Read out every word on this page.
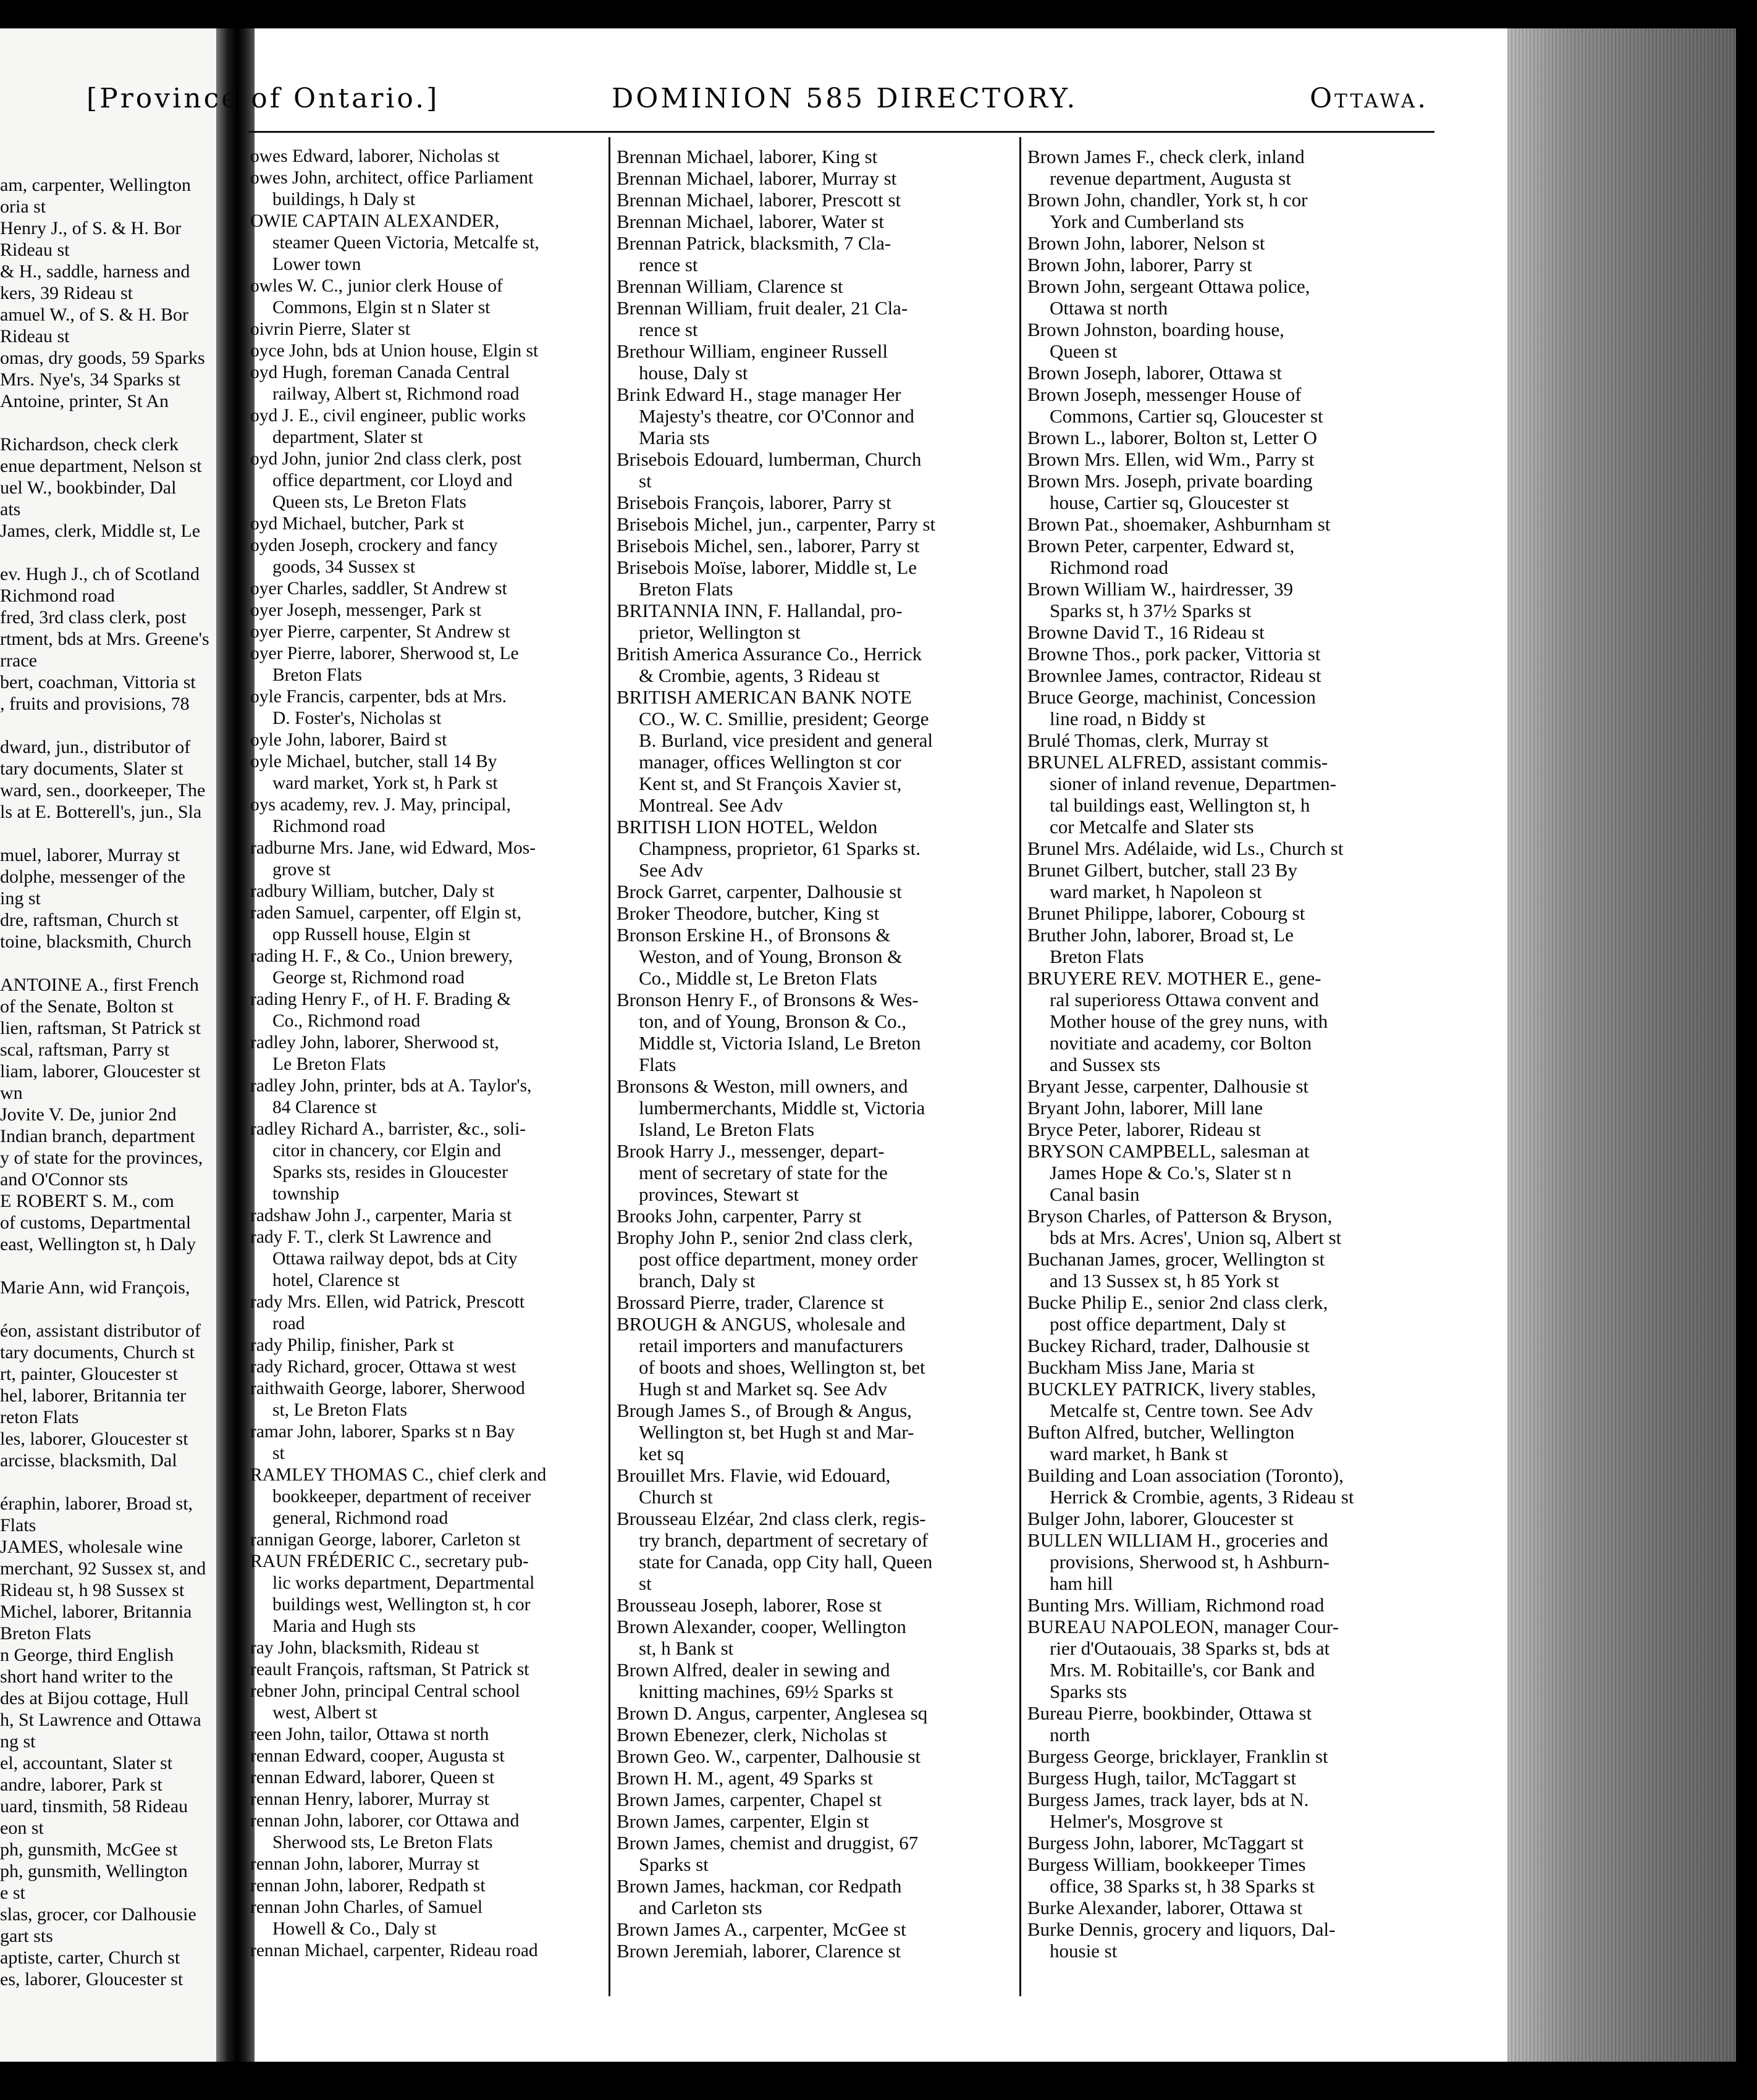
am, carpenter, Wellington
oria st
Henry J., of S. & H. Bor
Rideau st
& H., saddle, harness and
kers, 39 Rideau st
amuel W., of S. & H. Bor
Rideau st
omas, dry goods, 59 Sparks
Mrs. Nye's, 34 Sparks st
Antoine, printer, St An

Richardson, check clerk
enue department, Nelson st
uel W., bookbinder, Dal
ats
James, clerk, Middle st, Le

ev. Hugh J., ch of Scotland
Richmond road
fred, 3rd class clerk, post
rtment, bds at Mrs. Greene's
rrace
bert, coachman, Vittoria st
, fruits and provisions, 78

dward, jun., distributor of
tary documents, Slater st
ward, sen., doorkeeper, The
ls at E. Botterell's, jun., Sla

muel, laborer, Murray st
dolphe, messenger of the
ing st
dre, raftsman, Church st
toine, blacksmith, Church

ANTOINE A., first French
of the Senate, Bolton st
lien, raftsman, St Patrick st
scal, raftsman, Parry st
liam, laborer, Gloucester st
wn
Jovite V. De, junior 2nd
Indian branch, department
y of state for the provinces,
and O'Connor sts
E ROBERT S. M., com
of customs, Departmental
east, Wellington st, h Daly

Marie Ann, wid François,

éon, assistant distributor of
tary documents, Church st
rt, painter, Gloucester st
hel, laborer, Britannia ter
reton Flats
les, laborer, Gloucester st
arcisse, blacksmith, Dal

éraphin, laborer, Broad st,
Flats
JAMES, wholesale wine
merchant, 92 Sussex st, and
Rideau st, h 98 Sussex st
Michel, laborer, Britannia
Breton Flats
n George, third English
short hand writer to the
des at Bijou cottage, Hull
h, St Lawrence and Ottawa
ng st
el, accountant, Slater st
andre, laborer, Park st
uard, tinsmith, 58 Rideau
eon st
ph, gunsmith, McGee st
ph, gunsmith, Wellington
e st
slas, grocer, cor Dalhousie
gart sts
aptiste, carter, Church st
es, laborer, Gloucester st
[Province of Ontario.]	DOMINION 585 DIRECTORY.	Ottawa.
owes Edward, laborer, Nicholas st
owes John, architect, office Parliament
buildings, h Daly st
OWIE CAPTAIN ALEXANDER,
steamer Queen Victoria, Metcalfe st,
Lower town
owles W. C., junior clerk House of
Commons, Elgin st n Slater st
oivrin Pierre, Slater st
oyce John, bds at Union house, Elgin st
oyd Hugh, foreman Canada Central
railway, Albert st, Richmond road
oyd J. E., civil engineer, public works
department, Slater st
oyd John, junior 2nd class clerk, post
office department, cor Lloyd and
Queen sts, Le Breton Flats
oyd Michael, butcher, Park st
oyden Joseph, crockery and fancy
goods, 34 Sussex st
oyer Charles, saddler, St Andrew st
oyer Joseph, messenger, Park st
oyer Pierre, carpenter, St Andrew st
oyer Pierre, laborer, Sherwood st, Le
Breton Flats
oyle Francis, carpenter, bds at Mrs.
D. Foster's, Nicholas st
oyle John, laborer, Baird st
oyle Michael, butcher, stall 14 By
ward market, York st, h Park st
oys academy, rev. J. May, principal,
Richmond road
radburne Mrs. Jane, wid Edward, Mos-
grove st
radbury William, butcher, Daly st
raden Samuel, carpenter, off Elgin st,
opp Russell house, Elgin st
rading H. F., & Co., Union brewery,
George st, Richmond road
rading Henry F., of H. F. Brading &
Co., Richmond road
radley John, laborer, Sherwood st,
Le Breton Flats
radley John, printer, bds at A. Taylor's,
84 Clarence st
radley Richard A., barrister, &c., soli-
citor in chancery, cor Elgin and
Sparks sts, resides in Gloucester
township
radshaw John J., carpenter, Maria st
rady F. T., clerk St Lawrence and
Ottawa railway depot, bds at City
hotel, Clarence st
rady Mrs. Ellen, wid Patrick, Prescott
road
rady Philip, finisher, Park st
rady Richard, grocer, Ottawa st west
raithwaith George, laborer, Sherwood
st, Le Breton Flats
ramar John, laborer, Sparks st n Bay
st
RAMLEY THOMAS C., chief clerk and
bookkeeper, department of receiver
general, Richmond road
rannigan George, laborer, Carleton st
RAUN FRÉDERIC C., secretary pub-
lic works department, Departmental
buildings west, Wellington st, h cor
Maria and Hugh sts
ray John, blacksmith, Rideau st
reault François, raftsman, St Patrick st
rebner John, principal Central school
west, Albert st
reen John, tailor, Ottawa st north
rennan Edward, cooper, Augusta st
rennan Edward, laborer, Queen st
rennan Henry, laborer, Murray st
rennan John, laborer, cor Ottawa and
Sherwood sts, Le Breton Flats
rennan John, laborer, Murray st
rennan John, laborer, Redpath st
rennan John Charles, of Samuel
Howell & Co., Daly st
rennan Michael, carpenter, Rideau road
Brennan Michael, laborer, King st
Brennan Michael, laborer, Murray st
Brennan Michael, laborer, Prescott st
Brennan Michael, laborer, Water st
Brennan Patrick, blacksmith, 7 Cla-
rence st
Brennan William, Clarence st
Brennan William, fruit dealer, 21 Cla-
rence st
Brethour William, engineer Russell
house, Daly st
Brink Edward H., stage manager Her
Majesty's theatre, cor O'Connor and
Maria sts
Brisebois Edouard, lumberman, Church
st
Brisebois François, laborer, Parry st
Brisebois Michel, jun., carpenter, Parry st
Brisebois Michel, sen., laborer, Parry st
Brisebois Moïse, laborer, Middle st, Le
Breton Flats
BRITANNIA INN, F. Hallandal, pro-
prietor, Wellington st
British America Assurance Co., Herrick
& Crombie, agents, 3 Rideau st
BRITISH AMERICAN BANK NOTE
CO., W. C. Smillie, president; George
B. Burland, vice president and general
manager, offices Wellington st cor
Kent st, and St François Xavier st,
Montreal. See Adv
BRITISH LION HOTEL, Weldon
Champness, proprietor, 61 Sparks st.
See Adv
Brock Garret, carpenter, Dalhousie st
Broker Theodore, butcher, King st
Bronson Erskine H., of Bronsons &
Weston, and of Young, Bronson &
Co., Middle st, Le Breton Flats
Bronson Henry F., of Bronsons & Wes-
ton, and of Young, Bronson & Co.,
Middle st, Victoria Island, Le Breton
Flats
Bronsons & Weston, mill owners, and
lumbermerchants, Middle st, Victoria
Island, Le Breton Flats
Brook Harry J., messenger, depart-
ment of secretary of state for the
provinces, Stewart st
Brooks John, carpenter, Parry st
Brophy John P., senior 2nd class clerk,
post office department, money order
branch, Daly st
Brossard Pierre, trader, Clarence st
BROUGH & ANGUS, wholesale and
retail importers and manufacturers
of boots and shoes, Wellington st, bet
Hugh st and Market sq. See Adv
Brough James S., of Brough & Angus,
Wellington st, bet Hugh st and Mar-
ket sq
Brouillet Mrs. Flavie, wid Edouard,
Church st
Brousseau Elzéar, 2nd class clerk, regis-
try branch, department of secretary of
state for Canada, opp City hall, Queen
st
Brousseau Joseph, laborer, Rose st
Brown Alexander, cooper, Wellington
st, h Bank st
Brown Alfred, dealer in sewing and
knitting machines, 69½ Sparks st
Brown D. Angus, carpenter, Anglesea sq
Brown Ebenezer, clerk, Nicholas st
Brown Geo. W., carpenter, Dalhousie st
Brown H. M., agent, 49 Sparks st
Brown James, carpenter, Chapel st
Brown James, carpenter, Elgin st
Brown James, chemist and druggist, 67
Sparks st
Brown James, hackman, cor Redpath
and Carleton sts
Brown James A., carpenter, McGee st
Brown Jeremiah, laborer, Clarence st
Brown James F., check clerk, inland
revenue department, Augusta st
Brown John, chandler, York st, h cor
York and Cumberland sts
Brown John, laborer, Nelson st
Brown John, laborer, Parry st
Brown John, sergeant Ottawa police,
Ottawa st north
Brown Johnston, boarding house,
Queen st
Brown Joseph, laborer, Ottawa st
Brown Joseph, messenger House of
Commons, Cartier sq, Gloucester st
Brown L., laborer, Bolton st, Letter O
Brown Mrs. Ellen, wid Wm., Parry st
Brown Mrs. Joseph, private boarding
house, Cartier sq, Gloucester st
Brown Pat., shoemaker, Ashburnham st
Brown Peter, carpenter, Edward st,
Richmond road
Brown William W., hairdresser, 39
Sparks st, h 37½ Sparks st
Browne David T., 16 Rideau st
Browne Thos., pork packer, Vittoria st
Brownlee James, contractor, Rideau st
Bruce George, machinist, Concession
line road, n Biddy st
Brulé Thomas, clerk, Murray st
BRUNEL ALFRED, assistant commis-
sioner of inland revenue, Departmen-
tal buildings east, Wellington st, h
cor Metcalfe and Slater sts
Brunel Mrs. Adélaide, wid Ls., Church st
Brunet Gilbert, butcher, stall 23 By
ward market, h Napoleon st
Brunet Philippe, laborer, Cobourg st
Bruther John, laborer, Broad st, Le
Breton Flats
BRUYERE REV. MOTHER E., gene-
ral superioress Ottawa convent and
Mother house of the grey nuns, with
novitiate and academy, cor Bolton
and Sussex sts
Bryant Jesse, carpenter, Dalhousie st
Bryant John, laborer, Mill lane
Bryce Peter, laborer, Rideau st
BRYSON CAMPBELL, salesman at
James Hope & Co.'s, Slater st n
Canal basin
Bryson Charles, of Patterson & Bryson,
bds at Mrs. Acres', Union sq, Albert st
Buchanan James, grocer, Wellington st
and 13 Sussex st, h 85 York st
Bucke Philip E., senior 2nd class clerk,
post office department, Daly st
Buckey Richard, trader, Dalhousie st
Buckham Miss Jane, Maria st
BUCKLEY PATRICK, livery stables,
Metcalfe st, Centre town. See Adv
Bufton Alfred, butcher, Wellington
ward market, h Bank st
Building and Loan association (Toronto),
Herrick & Crombie, agents, 3 Rideau st
Bulger John, laborer, Gloucester st
BULLEN WILLIAM H., groceries and
provisions, Sherwood st, h Ashburn-
ham hill
Bunting Mrs. William, Richmond road
BUREAU NAPOLEON, manager Cour-
rier d'Outaouais, 38 Sparks st, bds at
Mrs. M. Robitaille's, cor Bank and
Sparks sts
Bureau Pierre, bookbinder, Ottawa st
north
Burgess George, bricklayer, Franklin st
Burgess Hugh, tailor, McTaggart st
Burgess James, track layer, bds at N.
Helmer's, Mosgrove st
Burgess John, laborer, McTaggart st
Burgess William, bookkeeper Times
office, 38 Sparks st, h 38 Sparks st
Burke Alexander, laborer, Ottawa st
Burke Dennis, grocery and liquors, Dal-
housie st
